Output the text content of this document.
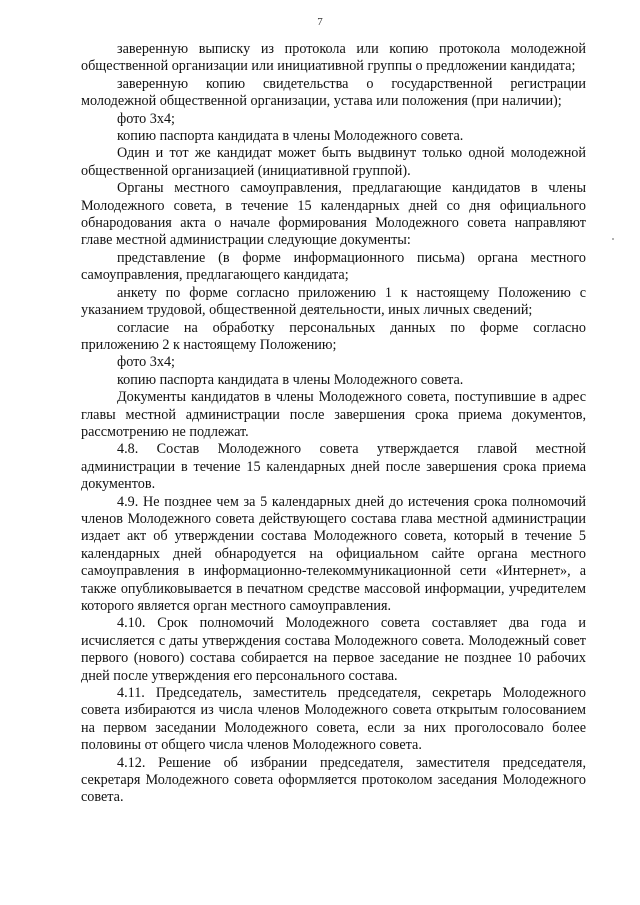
7

заверенную выписку из протокола или копию протокола молодежной общественной организации или инициативной группы о предложении кандидата;

заверенную копию свидетельства о государственной регистрации молодежной общественной организации, устава или положения (при наличии);

фото 3х4;

копию паспорта кандидата в члены Молодежного совета.

Один и тот же кандидат может быть выдвинут только одной молодежной общественной организацией (инициативной группой).

Органы местного самоуправления, предлагающие кандидатов в члены Молодежного совета, в течение 15 календарных дней со дня официального обнародования акта о начале формирования Молодежного совета направляют главе местной администрации следующие документы:

представление (в форме информационного письма) органа местного самоуправления, предлагающего кандидата;

анкету по форме согласно приложению 1 к настоящему Положению с указанием трудовой, общественной деятельности, иных личных сведений;

согласие на обработку персональных данных по форме согласно приложению 2 к настоящему Положению;

фото 3х4;

копию паспорта кандидата в члены Молодежного совета.

Документы кандидатов в члены Молодежного совета, поступившие в адрес главы местной администрации после завершения срока приема документов, рассмотрению не подлежат.

4.8. Состав Молодежного совета утверждается главой местной администрации в течение 15 календарных дней после завершения срока приема документов.

4.9. Не позднее чем за 5 календарных дней до истечения срока полномочий членов Молодежного совета действующего состава глава местной администрации издает акт об утверждении состава Молодежного совета, который в течение 5 календарных дней обнародуется на официальном сайте органа местного самоуправления в информационно-телекоммуникационной сети «Интернет», а также опубликовывается в печатном средстве массовой информации, учредителем которого является орган местного самоуправления.

4.10. Срок полномочий Молодежного совета составляет два года и исчисляется с даты утверждения состава Молодежного совета. Молодежный совет первого (нового) состава собирается на первое заседание не позднее 10 рабочих дней после утверждения его персонального состава.

4.11. Председатель, заместитель председателя, секретарь Молодежного совета избираются из числа членов Молодежного совета открытым голосованием на первом заседании Молодежного совета, если за них проголосовало более половины от общего числа членов Молодежного совета.

4.12. Решение об избрании председателя, заместителя председателя, секретаря Молодежного совета оформляется протоколом заседания Молодежного совета.
